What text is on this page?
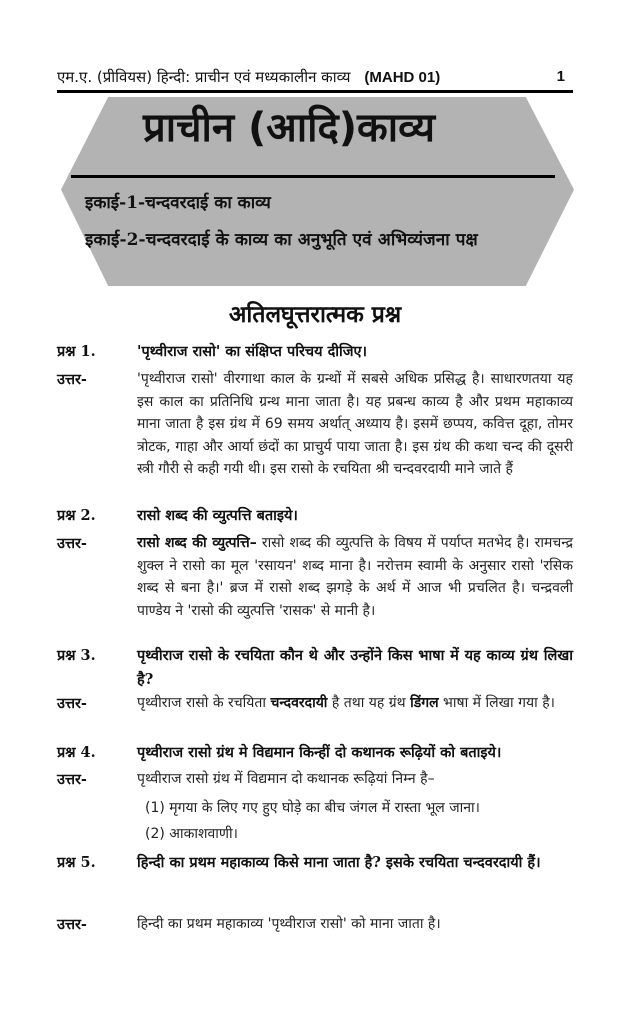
एम.ए. (प्रीवियस) हिन्दी: प्राचीन एवं मध्यकालीन काव्य (MAHD 01)	1
प्राचीन (आदि)काव्य
इकाई-1-चन्दवरदाई का काव्य
इकाई-2-चन्दवरदाई के काव्य का अनुभूति एवं अभिव्यंजना पक्ष
अतिलघूत्तरात्मक प्रश्न
प्रश्न 1.	'पृथ्वीराज रासो' का संक्षिप्त परिचय दीजिए।
उत्तर-	'पृथ्वीराज रासो' वीरगाथा काल के ग्रन्थों में सबसे अधिक प्रसिद्ध है। साधारणतया यह इस काल का प्रतिनिधि ग्रन्थ माना जाता है। यह प्रबन्ध काव्य है और प्रथम महाकाव्य माना जाता है इस ग्रंथ में 69 समय अर्थात् अध्याय है। इसमें छप्पय, कवित्त दूहा, तोमर त्रोटक, गाहा और आर्या छंदों का प्राचुर्य पाया जाता है। इस ग्रंथ की कथा चन्द की दूसरी स्त्री गौरी से कही गयी थी। इस रासो के रचयिता श्री चन्दवरदायी माने जाते हैं
प्रश्न 2.	रासो शब्द की व्युत्पत्ति बताइये।
उत्तर-	रासो शब्द की व्युत्पत्ति– रासो शब्द की व्युत्पत्ति के विषय में पर्याप्त मतभेद है। रामचन्द्र शुक्ल ने रासो का मूल 'रसायन' शब्द माना है। नरोत्तम स्वामी के अनुसार रासो 'रसिक शब्द से बना है।' ब्रज में रासो शब्द झगड़े के अर्थ में आज भी प्रचलित है। चन्द्रवली पाण्डेय ने 'रासो की व्युत्पत्ति 'रासक' से मानी है।
प्रश्न 3.	पृथ्वीराज रासो के रचयिता कौन थे और उन्होंने किस भाषा में यह काव्य ग्रंथ लिखा है?
उत्तर-	पृथ्वीराज रासो के रचयिता चन्दवरदायी है तथा यह ग्रंथ डिंगल भाषा में लिखा गया है।
प्रश्न 4.	पृथ्वीराज रासो ग्रंथ मे विद्यमान किन्हीं दो कथानक रूढ़ियों को बताइये।
उत्तर-	पृथ्वीराज रासो ग्रंथ में विद्यमान दो कथानक रूढ़ियां निम्न है–
(1) मृगया के लिए गए हुए घोड़े का बीच जंगल में रास्ता भूल जाना।
(2) आकाशवाणी।
प्रश्न 5.	हिन्दी का प्रथम महाकाव्य किसे माना जाता है? इसके रचयिता चन्दवरदायी हैं।
उत्तर-	हिन्दी का प्रथम महाकाव्य 'पृथ्वीराज रासो' को माना जाता है।
